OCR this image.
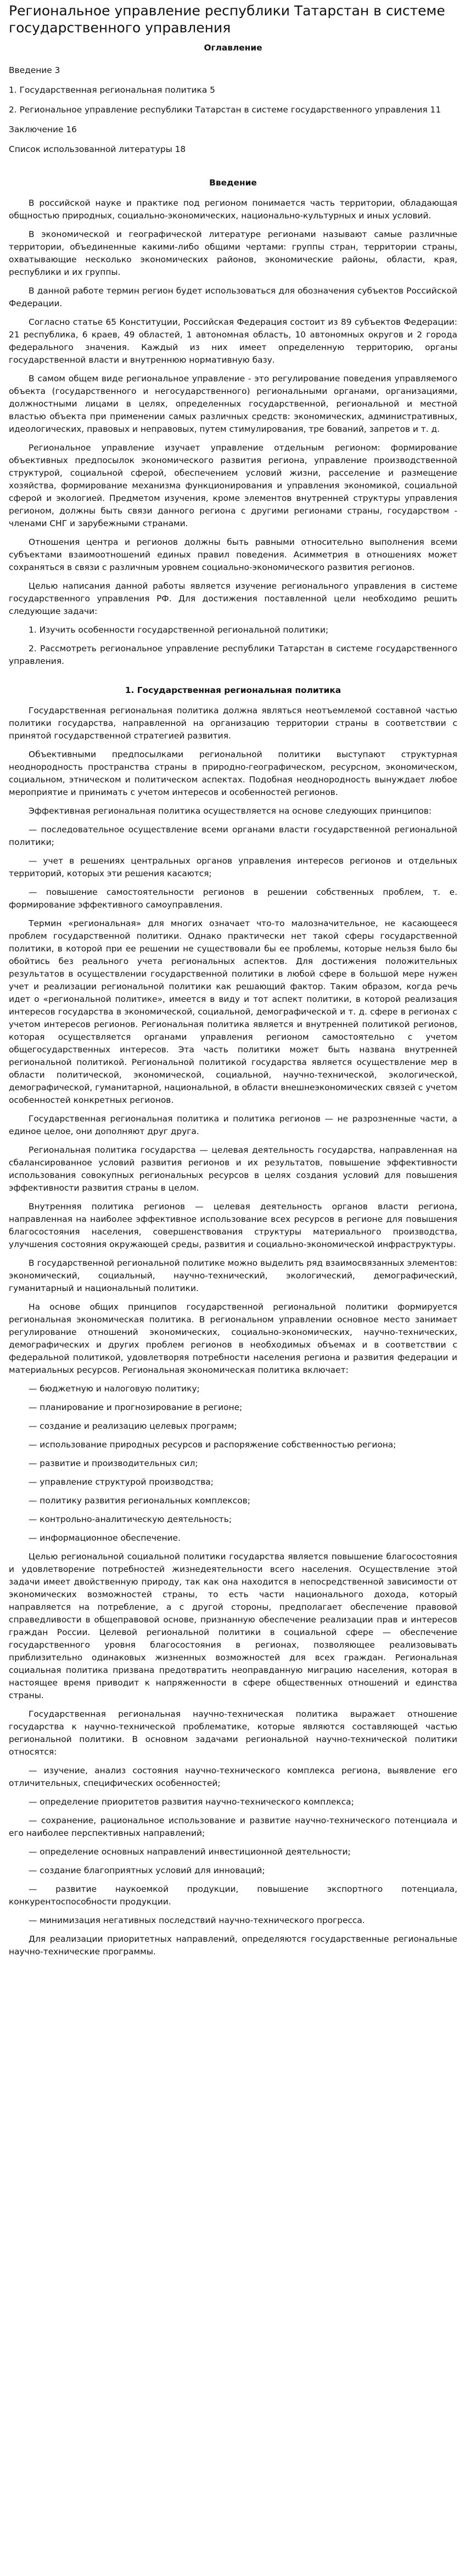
Региональное управление республики Татарстан в системе государственного управления
Оглавление
Введение 3
1. Государственная региональная политика 5
2. Региональное управление республики Татарстан в системе государственного управления 11
Заключение 16
Список использованной литературы 18
Введение

В российской науке и практике под регионом понимается часть территории, обладающая общностью природных, социально-экономических, национально-культурных и иных условий.

В экономической и географической литературе регионами называют самые различные территории, объединенные какими-либо общими чертами: группы стран, территории страны, охватывающие несколько экономических районов, экономические районы, области, края, республики и их группы.

В данной работе термин регион будет использоваться для обозначения субъектов Российской Федерации.

Согласно статье 65 Конституции, Российская Федерация состоит из 89 субъектов Федерации: 21 республика, 6 краев, 49 областей, 1 автономная область, 10 автономных округов и 2 города федерального значения. Каждый из них имеет определенную территорию, органы государственной власти и внутреннюю нормативную базу.

В самом общем виде региональное управление - это регулирование поведения управляемого объекта (государственного и негосударственного) региональными органами, организациями, должностными лицами в целях, определенных государственной, региональной и местной властью объекта при применении самых различных средств: экономических, административных, идеологических, правовых и неправовых, путем стимулирования, тре бований, запретов и т. д.

Региональное управление изучает управление отдельным регионом: формирование объективных предпосылок экономического развития региона, управление производственной структурой, социальной сферой, обеспечением условий жизни, расселение и размещение хозяйства, формирование механизма функционирования и управления экономикой, социальной сферой и экологией. Предметом изучения, кроме элементов внутренней структуры управления регионом, должны быть связи данного региона с другими регионами страны, государством - членами СНГ и зарубежными странами.

Отношения центра и регионов должны быть равными относительно выполнения всеми субъектами взаимоотношений единых правил поведения. Асимметрия в отношениях может сохраняться в связи с различным уровнем социально-экономического развития регионов.

Целью написания данной работы является изучение регионального управления в системе государственного управления РФ. Для достижения поставленной цели необходимо решить следующие задачи:

1. Изучить особенности государственной региональной политики;

2. Рассмотреть региональное управление республики Татарстан в системе государственного управления.

1. Государственная региональная политика

Государственная региональная политика должна являться неотъемлемой составной частью политики государства, направленной на организацию территории страны в соответствии с принятой государственной стратегией развития.

Объективными предпосылками региональной политики выступают структурная неоднородность пространства страны в природно-географическом, ресурсном, экономическом, социальном, этническом и политическом аспектах. Подобная неоднородность вынуждает любое мероприятие и принимать с учетом интересов и особенностей регионов.

Эффективная региональная политика осуществляется на основе следующих принципов:

— последовательное осуществление всеми органами власти государственной региональной политики;

— учет в решениях центральных органов управления интересов регионов и отдельных территорий, которых эти решения касаются;

— повышение самостоятельности регионов в решении собственных проблем, т. е. формирование эффективного самоуправления.

Термин «региональная» для многих означает что-то малозначительное, не касающееся проблем государственной политики. Однако практически нет такой сферы государственной политики, в которой при ее решении не существовали бы ее проблемы, которые нельзя было бы обойтись без реального учета региональных аспектов. Для достижения положительных результатов в осуществлении государственной политики в любой сфере в большой мере нужен учет и реализации региональной политики как решающий фактор. Таким образом, когда речь идет о «региональной политике», имеется в виду и тот аспект политики, в которой реализация интересов государства в экономической, социальной, демографической и т. д. сфере в регионах с учетом интересов регионов. Региональная политика является и внутренней политикой регионов, которая осуществляется органами управления регионом самостоятельно с учетом общегосударственных интересов. Эта часть политики может быть названа внутренней региональной политикой. Региональной политикой государства является осуществление мер в области политической, экономической, социальной, научно-технической, экологической, демографической, гуманитарной, национальной, в области внешнеэкономических связей с учетом особенностей конкретных регионов.

Государственная региональная политика и политика регионов — не разрозненные части, а единое целое, они дополняют друг друга.

Региональная политика государства — целевая деятельность государства, направленная на сбалансированное условий развития регионов и их результатов, повышение эффективности использования совокупных региональных ресурсов в целях создания условий для повышения эффективности развития страны в целом.

Внутренняя политика регионов — целевая деятельность органов власти региона, направленная на наиболее эффективное использование всех ресурсов в регионе для повышения благосостояния населения, совершенствования структуры материального производства, улучшения состояния окружающей среды, развития и социально-экономической инфраструктуры.

В государственной региональной политике можно выделить ряд взаимосвязанных элементов: экономический, социальный, научно-технический, экологический, демографический, гуманитарный и национальный политики.

На основе общих принципов государственной региональной политики формируется региональная экономическая политика. В региональном управлении основное место занимает регулирование отношений экономических, социально-экономических, научно-технических, демографических и других проблем регионов в необходимых объемах и в соответствии с федеральной политикой, удовлетворяя потребности населения региона и развития федерации и материальных ресурсов. Региональная экономическая политика включает:

— бюджетную и налоговую политику;

— планирование и прогнозирование в регионе;

— создание и реализацию целевых программ;

— использование природных ресурсов и распоряжение собственностью региона;

— развитие и производительных сил;

— управление структурой производства;

— политику развития региональных комплексов;

— контрольно-аналитическую деятельность;

— информационное обеспечение.

Целью региональной социальной политики государства является повышение благосостояния и удовлетворение потребностей жизнедеятельности всего населения. Осуществление этой задачи имеет двойственную природу, так как она находится в непосредственной зависимости от экономических возможностей страны, то есть части национального дохода, который направляется на потребление, а с другой стороны, предполагает обеспечение правовой справедливости в общеправовой основе, признанную обеспечение реализации прав и интересов граждан России. Целевой региональной политики в социальной сфере — обеспечение государственного уровня благосостояния в регионах, позволяющее реализовывать приблизительно одинаковых жизненных возможностей для всех граждан. Региональная социальная политика призвана предотвратить неоправданную миграцию населения, которая в настоящее время приводит к напряженности в сфере общественных отношений и единства страны.

Государственная региональная научно-техническая политика выражает отношение государства к научно-технической проблематике, которые являются составляющей частью региональной политики. В основном задачами региональной научно-технической политики относятся:

— изучение, анализ состояния научно-технического комплекса региона, выявление его отличительных, специфических особенностей;

— определение приоритетов развития научно-технического комплекса;

— сохранение, рациональное использование и развитие научно-технического потенциала и его наиболее перспективных направлений;

— определение основных направлений инвестиционной деятельности;

— создание благоприятных условий для инноваций;

— развитие наукоемкой продукции, повышение экспортного потенциала, конкурентоспособности продукции.

— минимизация негативных последствий научно-технического прогресса.

Для реализации приоритетных направлений, определяются государственные региональные научно-технические программы.
